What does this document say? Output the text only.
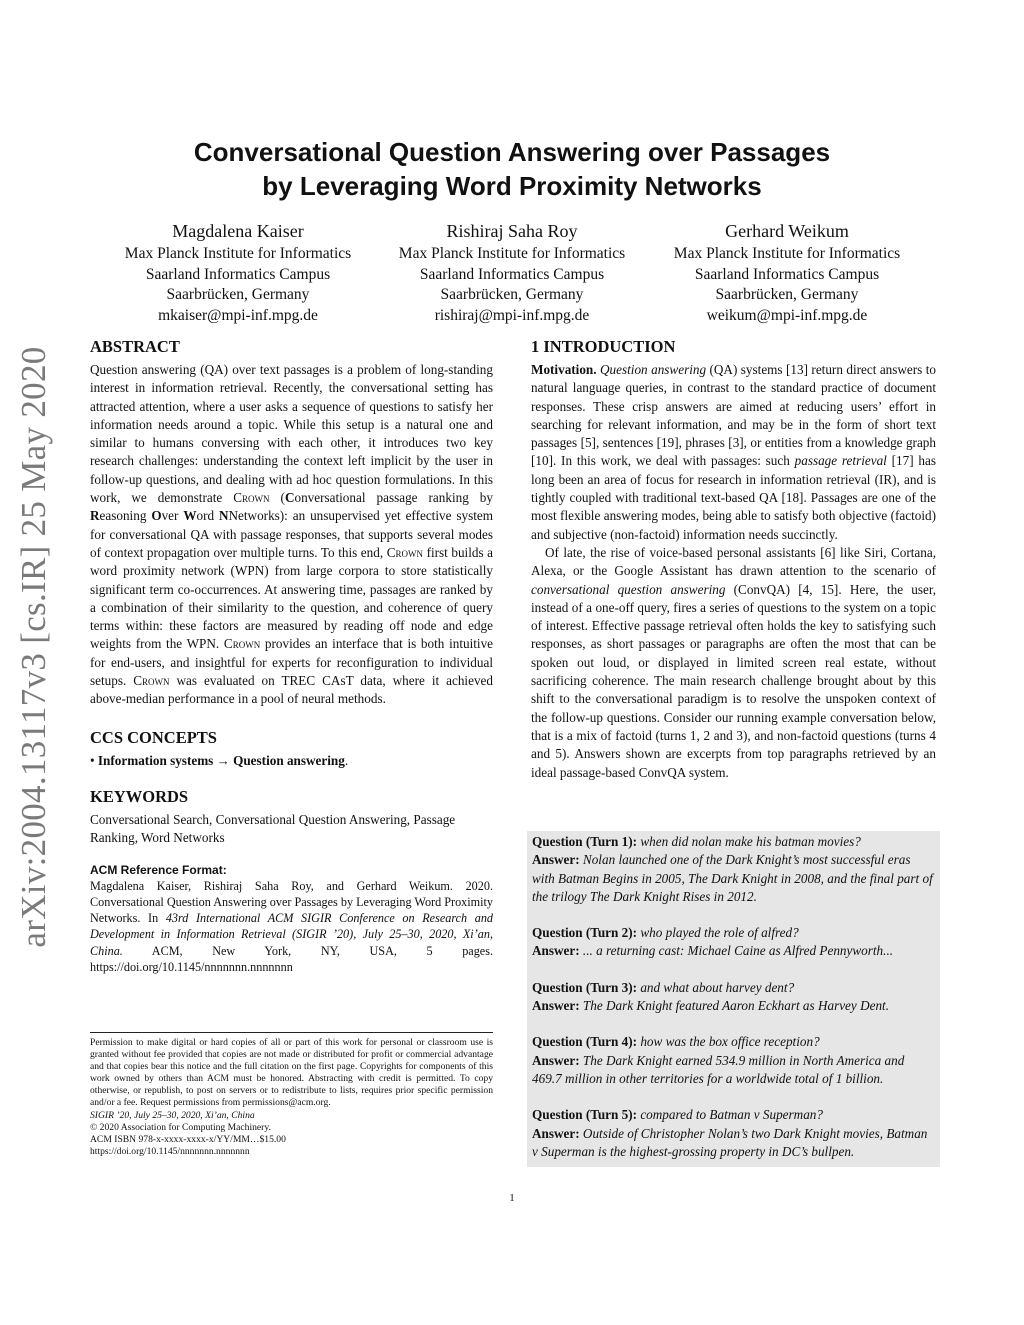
arXiv:2004.13117v3 [cs.IR] 25 May 2020
Conversational Question Answering over Passages
by Leveraging Word Proximity Networks
Magdalena Kaiser
Max Planck Institute for Informatics
Saarland Informatics Campus
Saarbrücken, Germany
mkaiser@mpi-inf.mpg.de
Rishiraj Saha Roy
Max Planck Institute for Informatics
Saarland Informatics Campus
Saarbrücken, Germany
rishiraj@mpi-inf.mpg.de
Gerhard Weikum
Max Planck Institute for Informatics
Saarland Informatics Campus
Saarbrücken, Germany
weikum@mpi-inf.mpg.de
ABSTRACT

Question answering (QA) over text passages is a problem of long-standing interest in information retrieval. Recently, the conversational setting has attracted attention, where a user asks a sequence of questions to satisfy her information needs around a topic. While this setup is a natural one and similar to humans conversing with each other, it introduces two key research challenges: understanding the context left implicit by the user in follow-up questions, and dealing with ad hoc question formulations. In this work, we demonstrate Crown (Conversational passage ranking by Reasoning Over Word NNetworks): an unsupervised yet effective system for conversational QA with passage responses, that supports several modes of context propagation over multiple turns. To this end, Crown first builds a word proximity network (WPN) from large corpora to store statistically significant term co-occurrences. At answering time, passages are ranked by a combination of their similarity to the question, and coherence of query terms within: these factors are measured by reading off node and edge weights from the WPN. Crown provides an interface that is both intuitive for end-users, and insightful for experts for reconfiguration to individual setups. Crown was evaluated on TREC CAsT data, where it achieved above-median performance in a pool of neural methods.

CCS CONCEPTS

• Information systems → Question answering.

KEYWORDS

Conversational Search, Conversational Question Answering, Passage Ranking, Word Networks

ACM Reference Format:

Magdalena Kaiser, Rishiraj Saha Roy, and Gerhard Weikum. 2020. Conversational Question Answering over Passages by Leveraging Word Proximity Networks. In 43rd International ACM SIGIR Conference on Research and Development in Information Retrieval (SIGIR ’20), July 25–30, 2020, Xi’an, China. ACM, New York, NY, USA, 5 pages. https://doi.org/10.1145/nnnnnnn.nnnnnnn

Permission to make digital or hard copies of all or part of this work for personal or classroom use is granted without fee provided that copies are not made or distributed for profit or commercial advantage and that copies bear this notice and the full citation on the first page. Copyrights for components of this work owned by others than ACM must be honored. Abstracting with credit is permitted. To copy otherwise, or republish, to post on servers or to redistribute to lists, requires prior specific permission and/or a fee. Request permissions from permissions@acm.org.
SIGIR ’20, July 25–30, 2020, Xi’an, China
© 2020 Association for Computing Machinery.
ACM ISBN 978-x-xxxx-xxxx-x/YY/MM…$15.00
https://doi.org/10.1145/nnnnnnn.nnnnnnn
1 INTRODUCTION

Motivation. Question answering (QA) systems [13] return direct answers to natural language queries, in contrast to the standard practice of document responses. These crisp answers are aimed at reducing users’ effort in searching for relevant information, and may be in the form of short text passages [5], sentences [19], phrases [3], or entities from a knowledge graph [10]. In this work, we deal with passages: such passage retrieval [17] has long been an area of focus for research in information retrieval (IR), and is tightly coupled with traditional text-based QA [18]. Passages are one of the most flexible answering modes, being able to satisfy both objective (factoid) and subjective (non-factoid) information needs succinctly.

Of late, the rise of voice-based personal assistants [6] like Siri, Cortana, Alexa, or the Google Assistant has drawn attention to the scenario of conversational question answering (ConvQA) [4, 15]. Here, the user, instead of a one-off query, fires a series of questions to the system on a topic of interest. Effective passage retrieval often holds the key to satisfying such responses, as short passages or paragraphs are often the most that can be spoken out loud, or displayed in limited screen real estate, without sacrificing coherence. The main research challenge brought about by this shift to the conversational paradigm is to resolve the unspoken context of the follow-up questions. Consider our running example conversation below, that is a mix of factoid (turns 1, 2 and 3), and non-factoid questions (turns 4 and 5). Answers shown are excerpts from top paragraphs retrieved by an ideal passage-based ConvQA system.

Question (Turn 1): when did nolan make his batman movies?
Answer: Nolan launched one of the Dark Knight’s most successful eras with Batman Begins in 2005, The Dark Knight in 2008, and the final part of the trilogy The Dark Knight Rises in 2012.
Question (Turn 2): who played the role of alfred?
Answer: ... a returning cast: Michael Caine as Alfred Pennyworth...
Question (Turn 3): and what about harvey dent?
Answer: The Dark Knight featured Aaron Eckhart as Harvey Dent.
Question (Turn 4): how was the box office reception?
Answer: The Dark Knight earned 534.9 million in North America and 469.7 million in other territories for a worldwide total of 1 billion.
Question (Turn 5): compared to Batman v Superman?
Answer: Outside of Christopher Nolan’s two Dark Knight movies, Batman v Superman is the highest-grossing property in DC’s bullpen.
1
